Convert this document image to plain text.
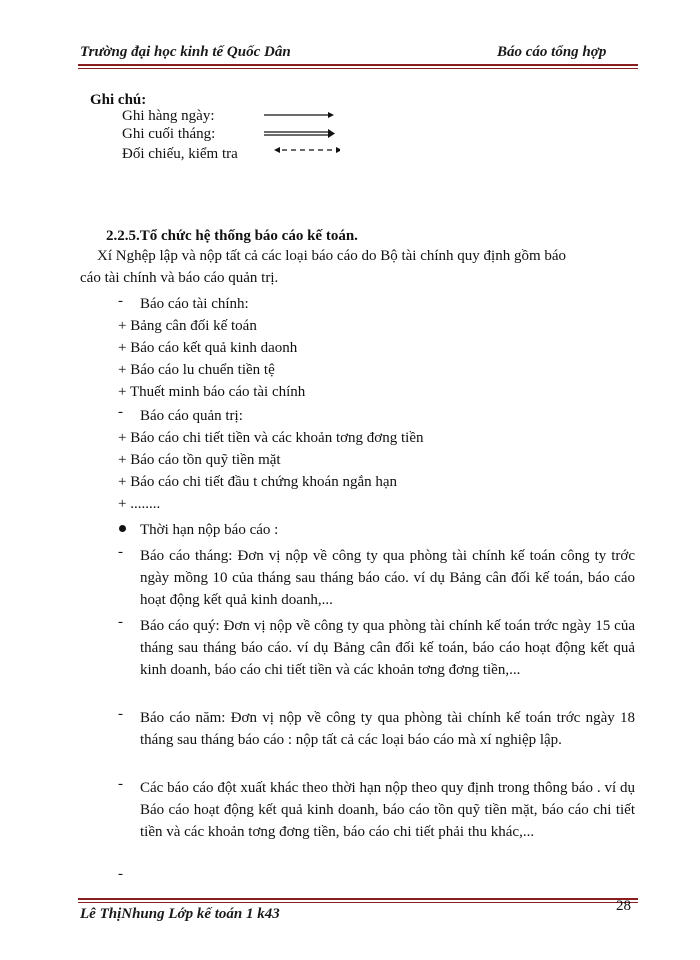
Trường đại học kinh tế Quốc Dân	Báo cáo tổng hợp
Ghi chú:
Ghi hàng ngày:
Ghi cuối tháng:
Đối chiếu, kiểm tra
2.2.5.Tổ chức hệ thống báo cáo kế toán.
Xí Nghệp lập và nộp tất cả các loại báo cáo do Bộ tài chính quy định gồm báo
cáo tài chính và báo cáo quản trị.
- Báo cáo tài chính:
+ Bảng cân đối kế toán
+ Báo cáo kết quả kinh daonh
+ Báo cáo lu chuển tiền tệ
+ Thuết minh báo cáo tài chính
- Báo cáo quản trị:
+ Báo cáo chi tiết tiền và các khoản tơng đơng tiền
+ Báo cáo tồn quỹ tiền mặt
+ Báo cáo chi tiết đầu t chứng khoán ngắn hạn
+ ........
Thời hạn nộp báo cáo :
- Báo cáo tháng: Đơn vị nộp về công ty qua phòng tài chính kế toán công ty trớc ngày mồng 10 của tháng sau tháng báo cáo. ví dụ Bảng cân đối kế toán, báo cáo hoạt động kết quả kinh doanh,...
- Báo cáo quý: Đơn vị nộp về công ty qua phòng tài chính kế toán trớc ngày 15 của tháng sau tháng báo cáo. ví dụ Bảng cân đối kế toán, báo cáo hoạt động kết quả kinh doanh, báo cáo chi tiết tiền và các khoản tơng đơng tiền,...
- Báo cáo năm: Đơn vị nộp về công ty qua phòng tài chính kế toán trớc ngày 18 tháng sau tháng báo cáo : nộp tất cả các loại báo cáo mà xí nghiệp lập.
- Các báo cáo đột xuất khác theo thời hạn nộp theo quy định trong thông báo . ví dụ Báo cáo hoạt động kết quả kinh doanh, báo cáo tồn quỹ tiền mặt, báo cáo chi tiết tiền và các khoản tơng đơng tiền, báo cáo chi tiết phải thu khác,...
-
Lê ThịNhung Lớp kế toán 1 k43	28
